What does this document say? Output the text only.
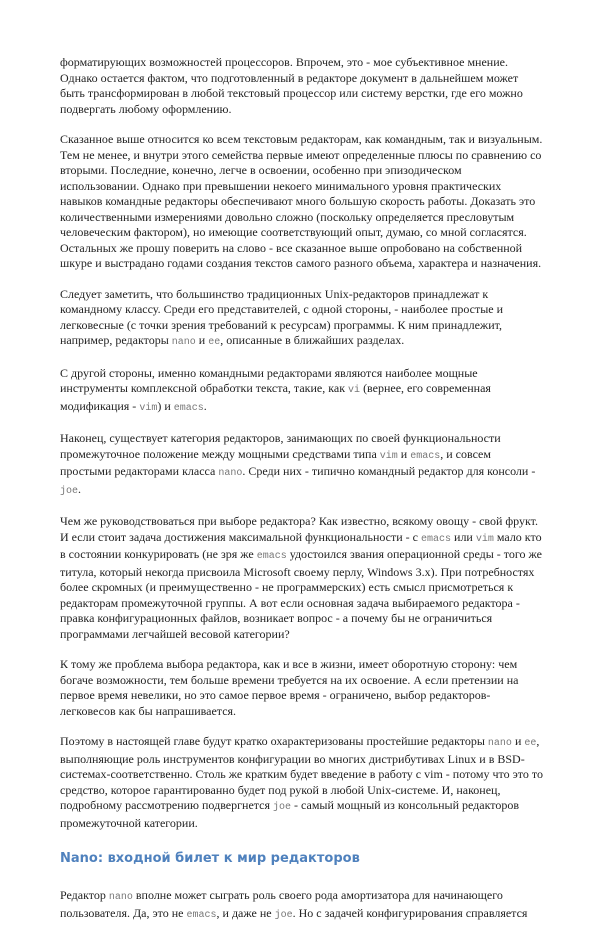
форматирующих возможностей процессоров. Впрочем, это - мое субъективное мнение. Однако остается фактом, что подготовленный в редакторе документ в дальнейшем может быть трансформирован в любой текстовый процессор или систему верстки, где его можно подвергать любому оформлению.

Сказанное выше относится ко всем текстовым редакторам, как командным, так и визуальным. Тем не менее, и внутри этого семейства первые имеют определенные плюсы по сравнению со вторыми. Последние, конечно, легче в освоении, особенно при эпизодическом использовании. Однако при превышении некоего минимального уровня практических навыков командные редакторы обеспечивают много большую скорость работы. Доказать это количественными измерениями довольно сложно (поскольку определяется пресловутым человеческим фактором), но имеющие соответствующий опыт, думаю, со мной согласятся. Остальных же прошу поверить на слово - все сказанное выше опробовано на собственной шкуре и выстрадано годами создания текстов самого разного объема, характера и назначения.

Следует заметить, что большинство традиционных Unix-редакторов принадлежат к командному классу. Среди его представителей, с одной стороны, - наиболее простые и легковесные (с точки зрения требований к ресурсам) программы. К ним принадлежит, например, редакторы nano и ee, описанные в ближайших разделах.

С другой стороны, именно командными редакторами являются наиболее мощные инструменты комплексной обработки текста, такие, как vi (вернее, его современная модификация - vim) и emacs.

Наконец, существует категория редакторов, занимающих по своей функциональности промежуточное положение между мощными средствами типа vim и emacs, и совсем простыми редакторами класса nano. Среди них - типично командный редактор для консоли - joe.

Чем же руководствоваться при выборе редактора? Как известно, всякому овощу - свой фрукт. И если стоит задача достижения максимальной функциональности - с emacs или vim мало кто в состоянии конкурировать (не зря же emacs удостоился звания операционной среды - того же титула, который некогда присвоила Microsoft своему перлу, Windows 3.x). При потребностях более скромных (и преимущественно - не программерских) есть смысл присмотреться к редакторам промежуточной группы. А вот если основная задача выбираемого редактора - правка конфигурационных файлов, возникает вопрос - а почему бы не ограничиться программами легчайшей весовой категории?

К тому же проблема выбора редактора, как и все в жизни, имеет оборотную сторону: чем богаче возможности, тем больше времени требуется на их освоение. А если претензии на первое время невелики, но это самое первое время - ограничено, выбор редакторов-легковесов как бы напрашивается.

Поэтому в настоящей главе будут кратко охарактеризованы простейшие редакторы nano и ee, выполняющие роль инструментов конфигурации во многих дистрибутивах Linux и в BSD-системах-соответственно. Столь же кратким будет введение в работу с vim - потому что это то средство, которое гарантированно будет под рукой в любой Unix-системе. И, наконец, подробному рассмотрению подвергнется joe - самый мощный из консольный редакторов промежуточной категории.

Nano: входной билет к мир редакторов

Редактор nano вполне может сыграть роль своего рода амортизатора для начинающего пользователя. Да, это не emacs, и даже не joe. Но с задачей конфигурирования справляется
